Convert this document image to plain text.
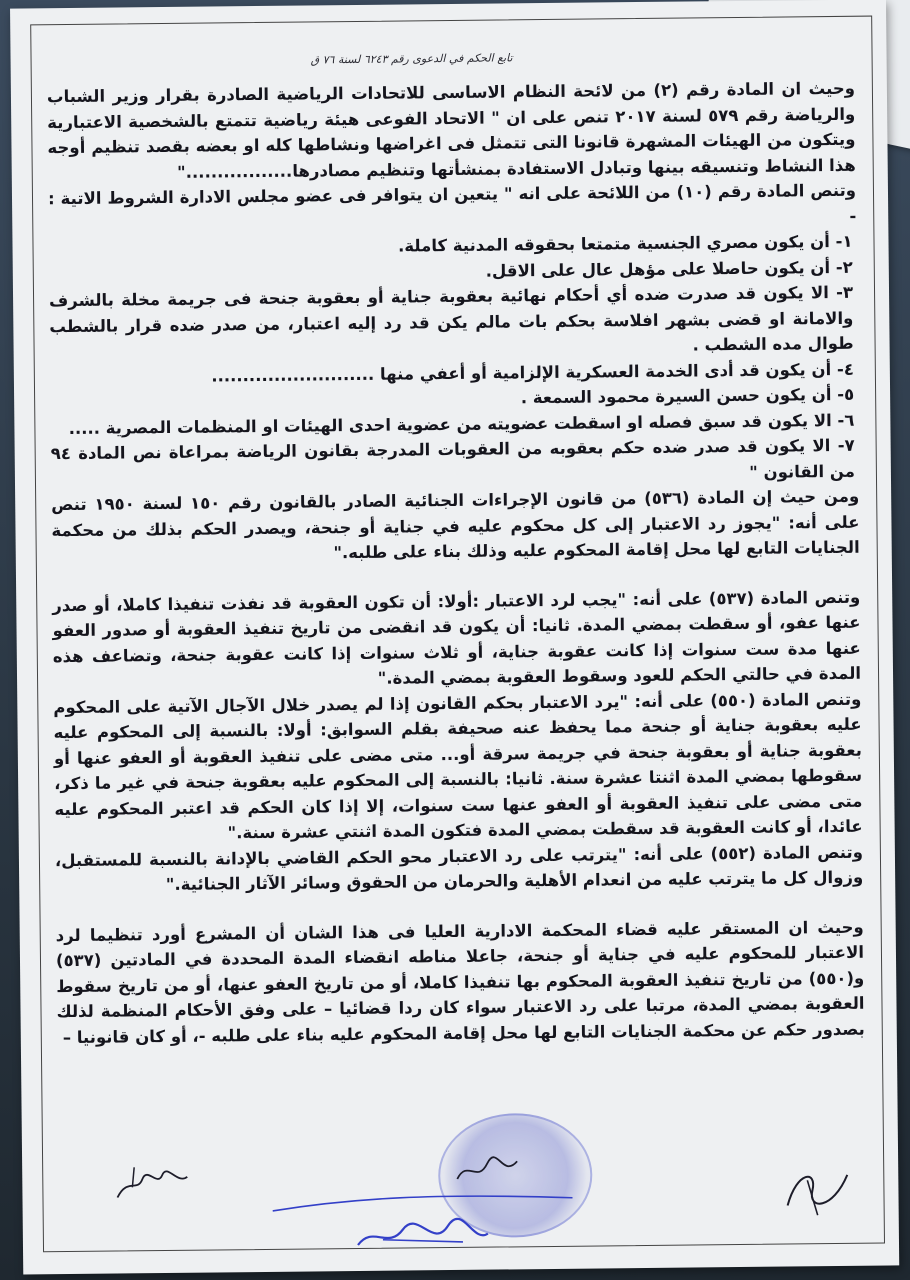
تابع الحكم في الدعوى رقم ٦٢٤٣ لسنة ٧٦ ق

وحيث ان المادة رقم (٢) من لائحة النظام الاساسى للاتحادات الرياضية الصادرة بقرار وزير الشباب والرياضة رقم ٥٧٩ لسنة ٢٠١٧ تنص على ان " الاتحاد الفوعى هيئة رياضية تتمتع بالشخصية الاعتبارية ويتكون من الهيئات المشهرة قانونا التى تتمثل فى اغراضها ونشاطها كله او بعضه بقصد تنظيم أوجه هذا النشاط وتنسيقه بينها وتبادل الاستفادة بمنشأتها وتنظيم مصادرها................."

وتنص المادة رقم (١٠) من اللائحة على انه " يتعين ان يتوافر فى عضو مجلس الادارة الشروط الاتية : -

١- أن يكون مصري الجنسية متمتعا بحقوقه المدنية كاملة.

٢- أن يكون حاصلا على مؤهل عال على الاقل.

٣- الا يكون قد صدرت ضده أي أحكام نهائية بعقوبة جناية أو بعقوبة جنحة فى جريمة مخلة بالشرف والامانة او قضى بشهر افلاسة بحكم بات مالم يكن قد رد إليه اعتبار، من صدر ضده قرار بالشطب طوال مده الشطب .

٤- أن يكون قد أدى الخدمة العسكرية الإلزامية أو أعفي منها ..........................

٥- أن يكون حسن السيرة محمود السمعة .

٦- الا يكون قد سبق فصله او اسقطت عضويته من عضوية احدى الهيئات او المنظمات المصرية .....

٧- الا يكون قد صدر ضده حكم بعقوبه من العقوبات المدرجة بقانون الرياضة بمراعاة نص المادة ٩٤ من القانون "

ومن حيث إن المادة (٥٣٦) من قانون الإجراءات الجنائية الصادر بالقانون رقم ١٥٠ لسنة ١٩٥٠ تنص على أنه: "يجوز رد الاعتبار إلى كل محكوم عليه في جناية أو جنحة، ويصدر الحكم بذلك من محكمة الجنايات التابع لها محل إقامة المحكوم عليه وذلك بناء على طلبه."

وتنص المادة (٥٣٧) على أنه: "يجب لرد الاعتبار :أولا: أن تكون العقوبة قد نفذت تنفيذا كاملا، أو صدر عنها عفو، أو سقطت بمضي المدة. ثانيا: أن يكون قد انقضى من تاريخ تنفيذ العقوبة أو صدور العفو عنها مدة ست سنوات إذا كانت عقوبة جناية، أو ثلاث سنوات إذا كانت عقوبة جنحة، وتضاعف هذه المدة في حالتي الحكم للعود وسقوط العقوبة بمضي المدة."

وتنص المادة (٥٥٠) على أنه: "يرد الاعتبار بحكم القانون إذا لم يصدر خلال الآجال الآتية على المحكوم عليه بعقوبة جناية أو جنحة مما يحفظ عنه صحيفة بقلم السوابق: أولا: بالنسبة إلى المحكوم عليه بعقوبة جناية أو بعقوبة جنحة في جريمة سرقة أو... متى مضى على تنفيذ العقوبة أو العفو عنها أو سقوطها بمضي المدة اثنتا عشرة سنة. ثانيا: بالنسبة إلى المحكوم عليه بعقوبة جنحة في غير ما ذكر، متى مضى على تنفيذ العقوبة أو العفو عنها ست سنوات، إلا إذا كان الحكم قد اعتبر المحكوم عليه عائدا، أو كانت العقوبة قد سقطت بمضي المدة فتكون المدة اثنتي عشرة سنة."

وتنص المادة (٥٥٢) على أنه: "يترتب على رد الاعتبار محو الحكم القاضي بالإدانة بالنسبة للمستقبل، وزوال كل ما يترتب عليه من انعدام الأهلية والحرمان من الحقوق وسائر الآثار الجنائية."

وحيث ان المستقر عليه قضاء المحكمة الادارية العليا فى هذا الشان أن المشرع أورد تنظيما لرد الاعتبار للمحكوم عليه في جناية أو جنحة، جاعلا مناطه انقضاء المدة المحددة في المادتين (٥٣٧) و(٥٥٠) من تاريخ تنفيذ العقوبة المحكوم بها تنفيذا كاملا، أو من تاريخ العفو عنها، أو من تاريخ سقوط العقوبة بمضي المدة، مرتبا على رد الاعتبار سواء كان ردا قضائيا – على وفق الأحكام المنظمة لذلك بصدور حكم عن محكمة الجنايات التابع لها محل إقامة المحكوم عليه بناء على طلبه -، أو كان قانونيا –
